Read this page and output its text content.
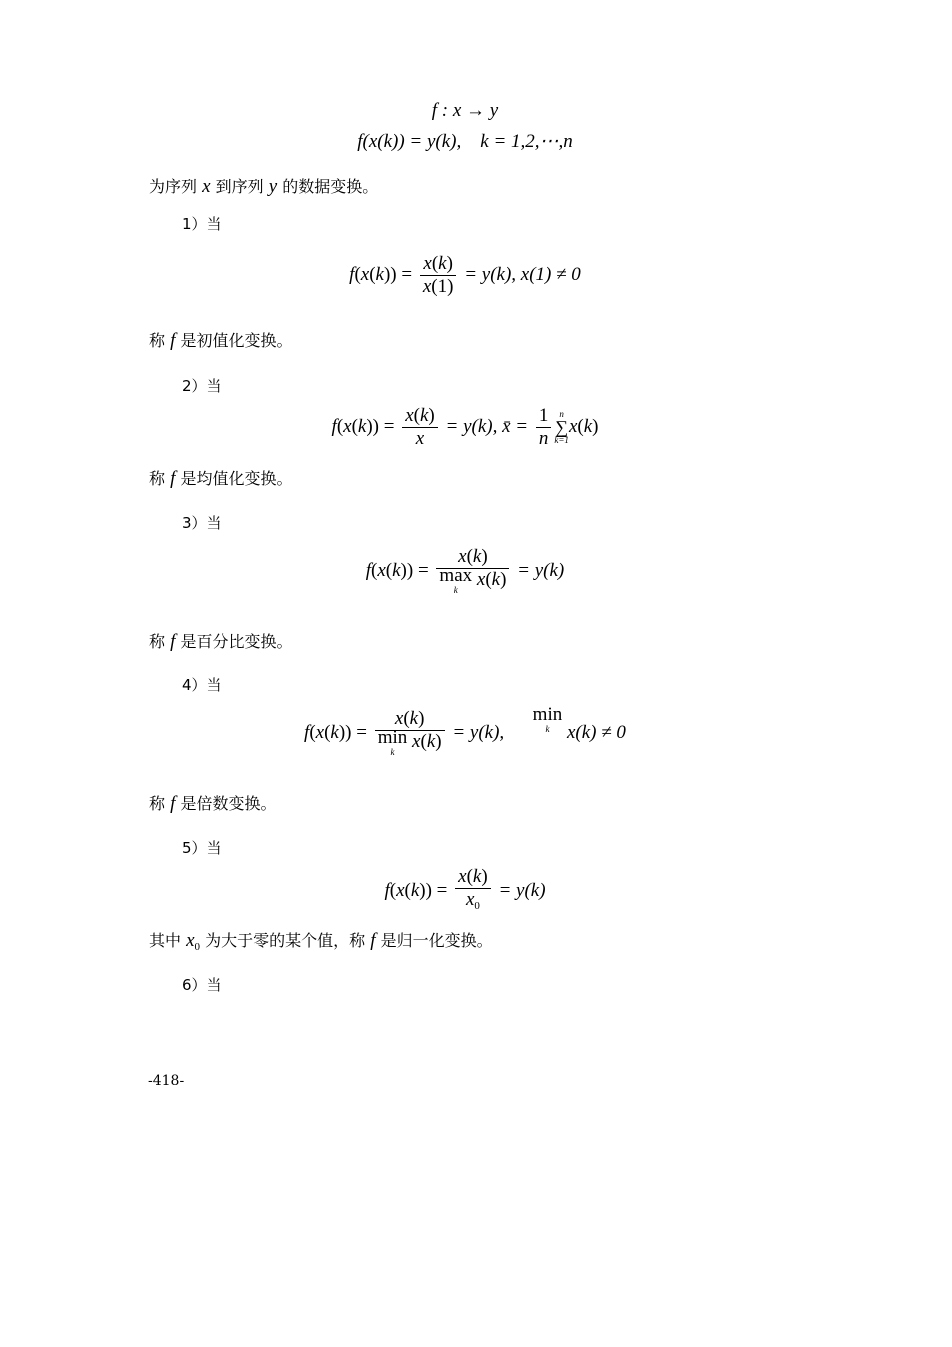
f : x → y
f(x(k)) = y(k), k = 1,2,⋯,n
为序列 x 到序列 y 的数据变换。
1）当
$f(x(k)) = \frac{x(k)}{x(1)} = y(k)$, x(1) ≠ 0
称 f 是初值化变换。
2）当
$f(x(k)) = \frac{x(k)}{x} = y(k)$, x̄ = $\frac{1}{n}$ n
∑
k=1
x(k)
称 f 是均值化变换。
3）当
f(x(k)) = x(k)
max
k	x(k) = y(k)
称 f 是百分比变换。
4）当
f(x(k)) = x(k)
min
k x(k) = y(k),      min
k x(k) ≠ 0
称 f 是倍数变换。
5）当
$f(x(k)) = \frac{x(k)}{x_0} = y(k)$
其中 $x_0$ 为大于零的某个值，称 f 是归一化变换。
6）当
-418-
